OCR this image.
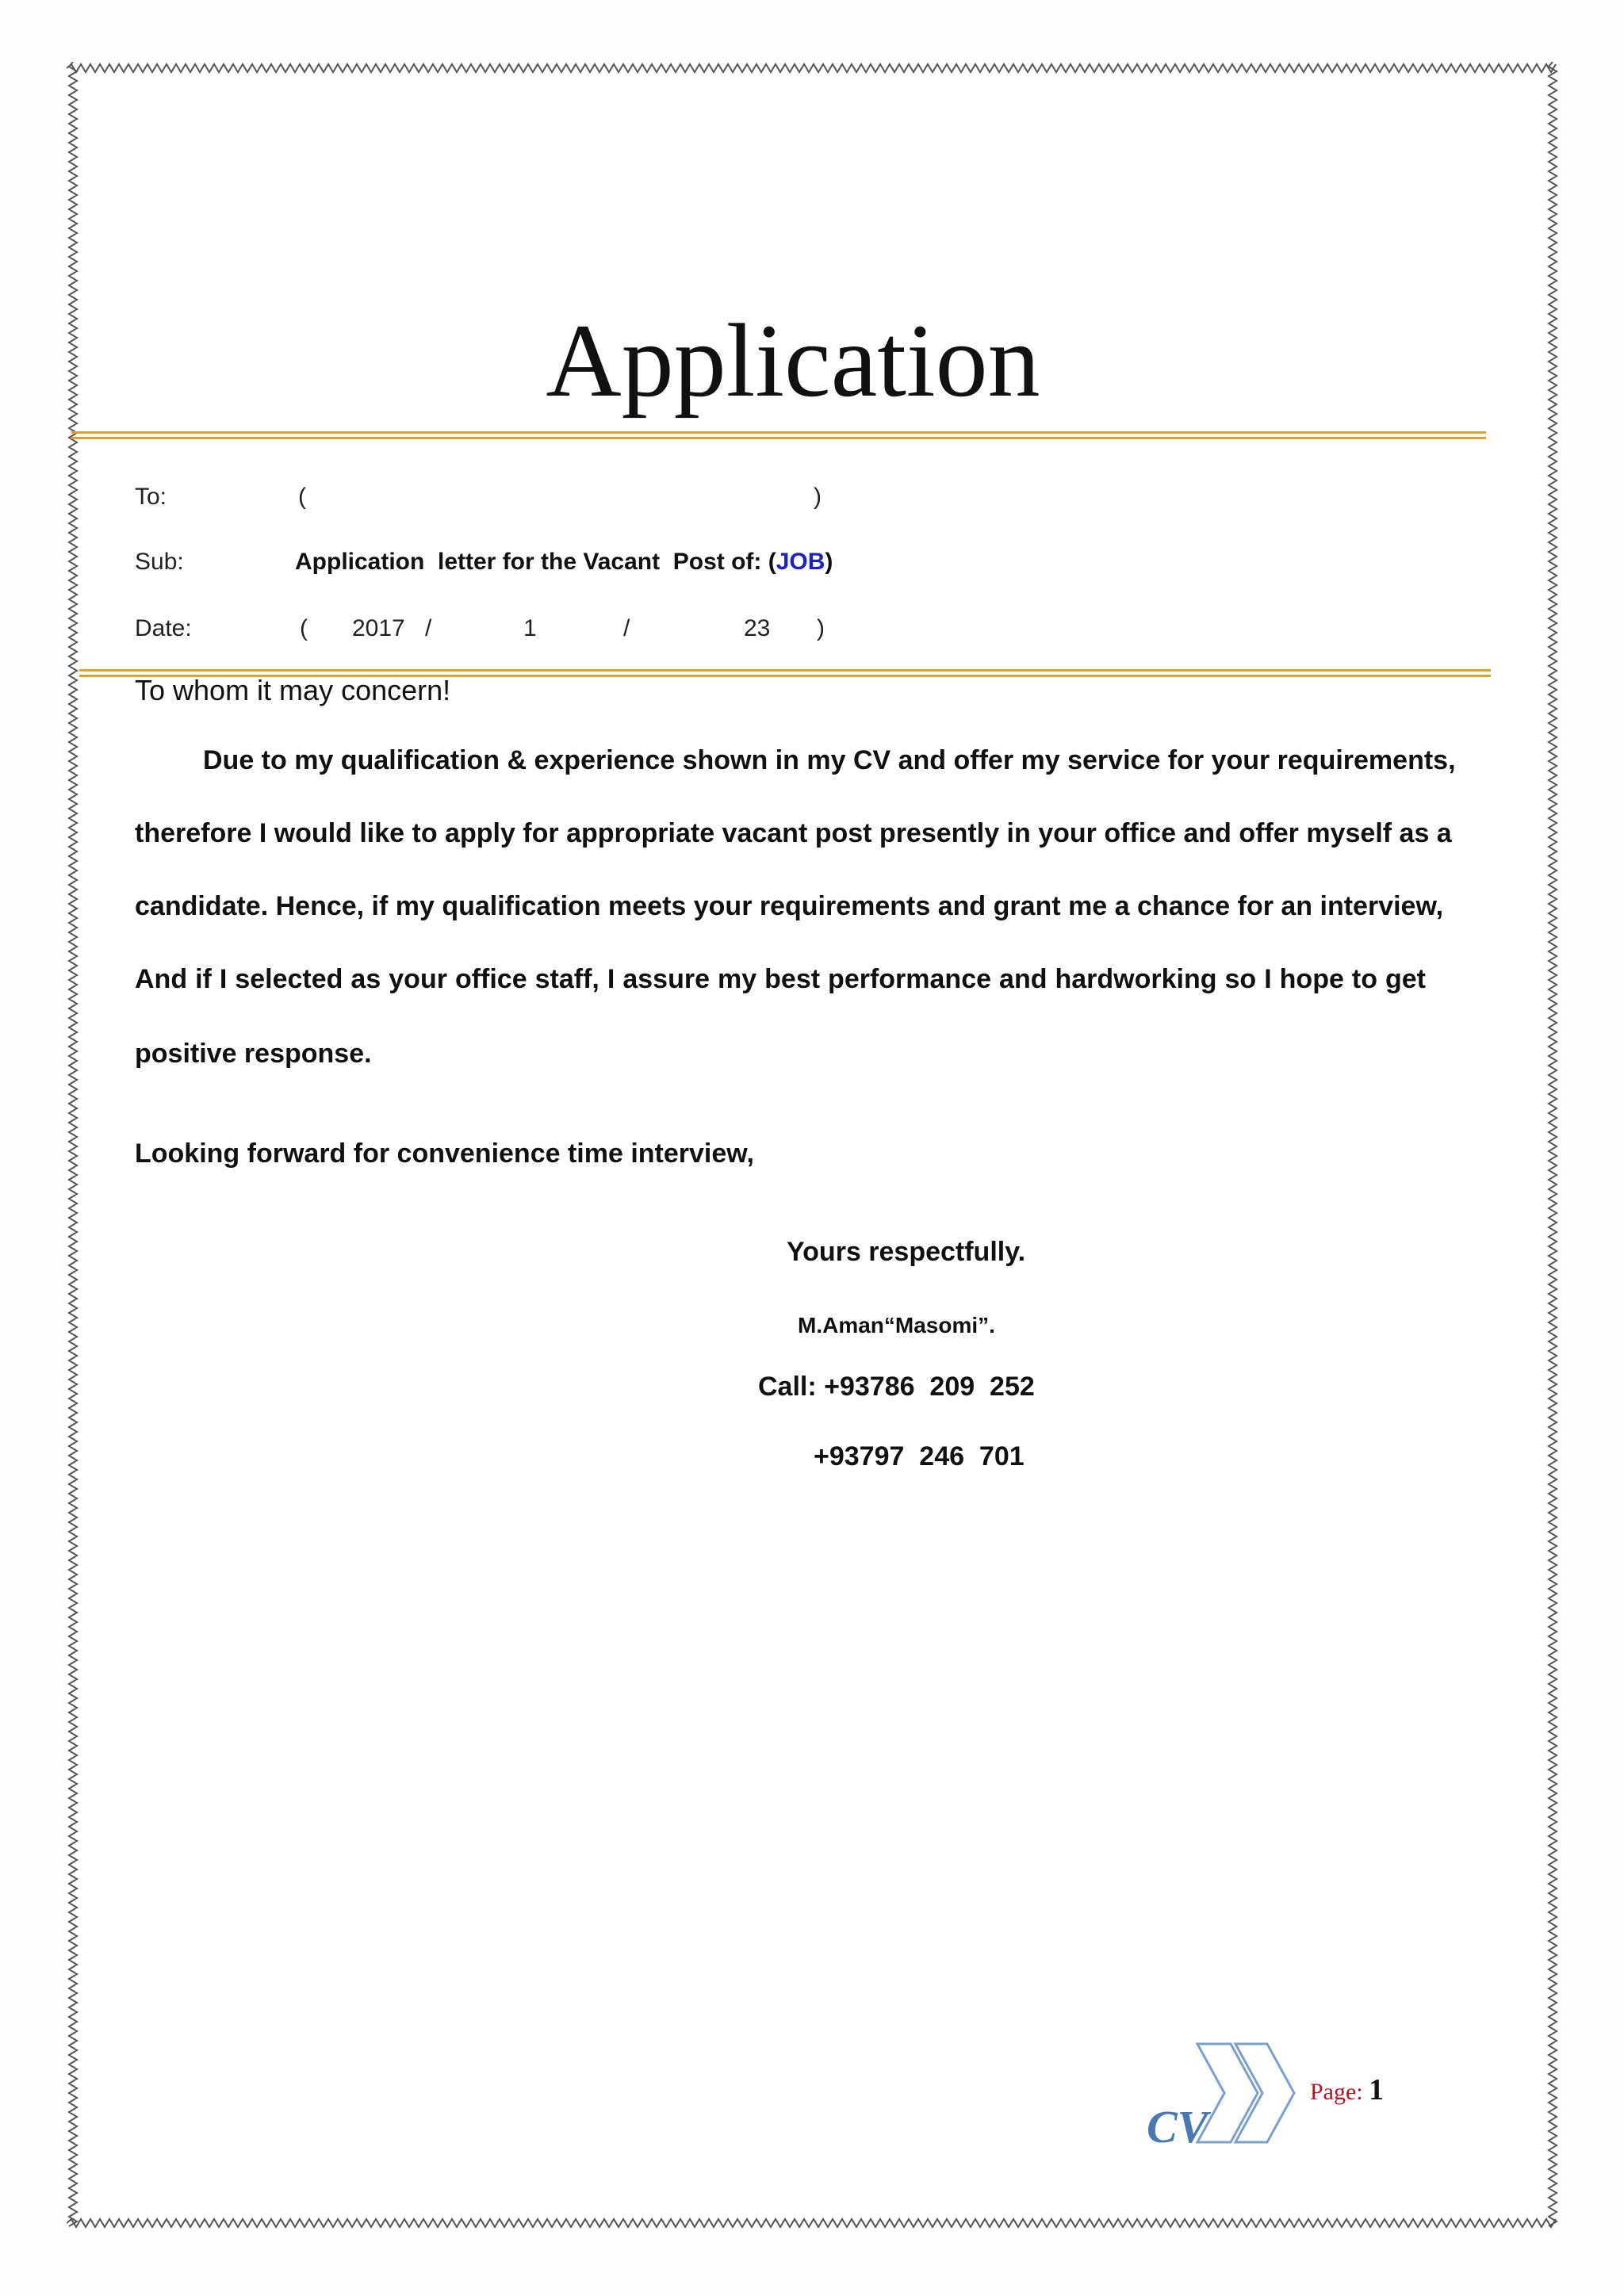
Application
To:	(	)
Sub:	Application  letter for the Vacant  Post of: (JOB)
Date:	( 2017 /	1	/	23 )
To whom it may concern!
Due to my qualification & experience shown in my CV and offer my service for your requirements,
therefore I would like to apply for appropriate vacant post presently in your office and offer myself as a
candidate. Hence, if my qualification meets your requirements and grant me a chance for an interview,
And if I selected as your office staff, I assure my best performance and hardworking so I hope to get
positive response.
Looking forward for convenience time interview,
Yours respectfully.
M.Aman“Masomi”.
Call: +93786  209  252
+93797  246  701
CV
Page: 1
